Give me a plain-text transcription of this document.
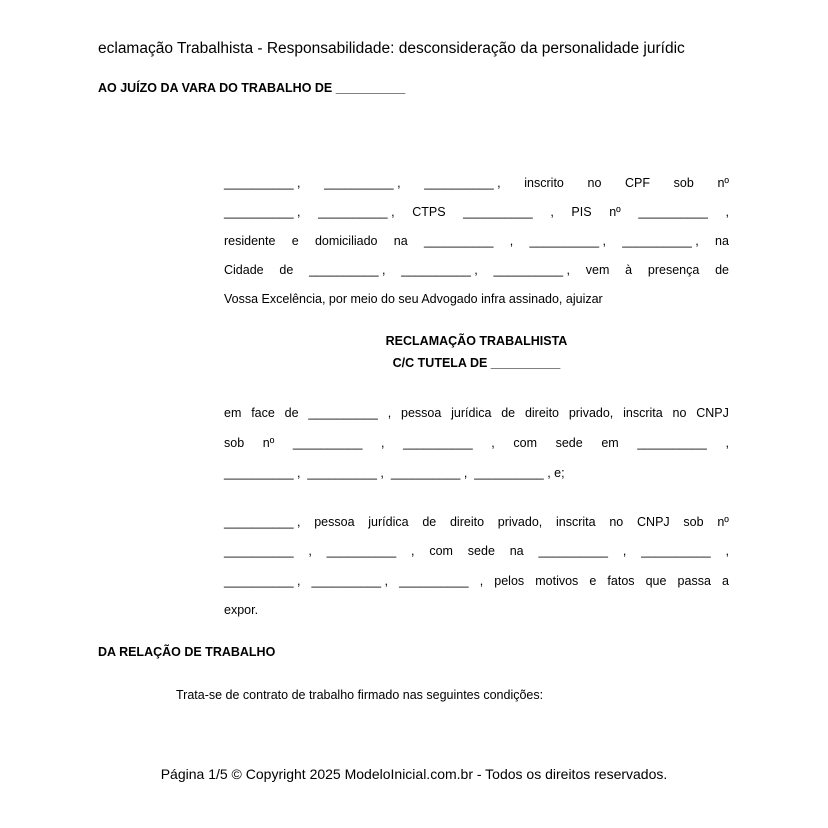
eclamação Trabalhista - Responsabilidade: desconsideração da personalidade jurídic
AO JUÍZO DA VARA DO TRABALHO DE __________
__________ , __________ , __________ , inscrito no CPF sob nº
__________ , __________ , CTPS __________ , PIS nº __________ ,
residente e domiciliado na __________ , __________ , __________ , na
Cidade de __________ , __________ , __________ , vem à presença de
Vossa Excelência, por meio do seu Advogado infra assinado, ajuizar
RECLAMAÇÃO TRABALHISTA
C/C TUTELA DE __________
em face de __________ , pessoa jurídica de direito privado, inscrita no CNPJ
sob nº __________ , __________ , com sede em __________ ,
__________ ,  __________ ,  __________ ,  __________ , e;
__________ , pessoa jurídica de direito privado, inscrita no CNPJ sob nº
__________ , __________ , com sede na __________ , __________ ,
__________ , __________ , __________ , pelos motivos e fatos que passa a
expor.
DA RELAÇÃO DE TRABALHO
Trata-se de contrato de trabalho firmado nas seguintes condições:
Página 1/5 © Copyright 2025 ModeloInicial.com.br - Todos os direitos reservados.
